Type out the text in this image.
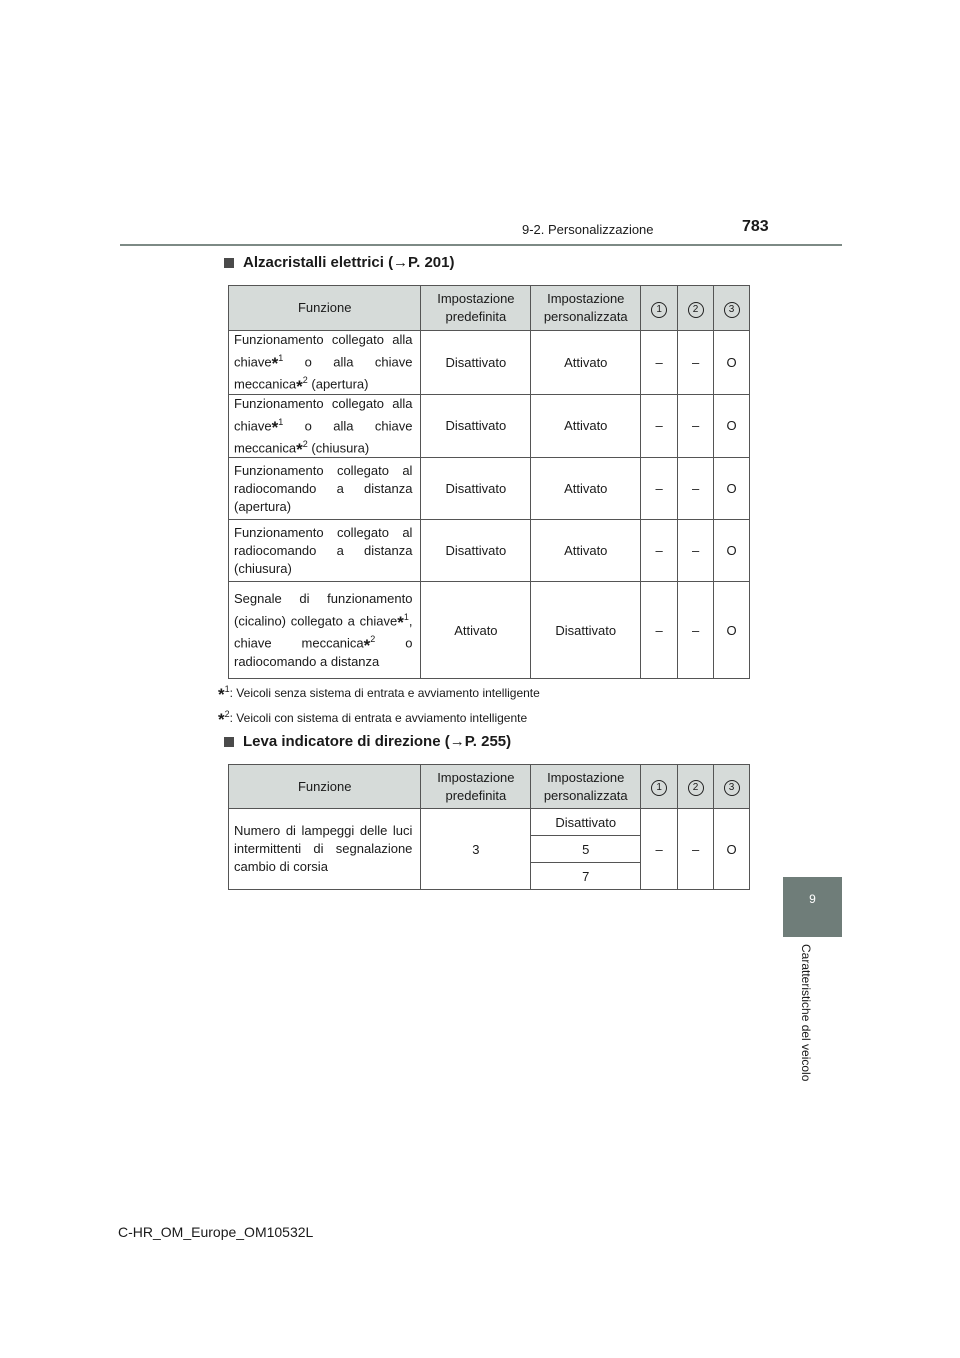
9-2. Personalizzazione	783
9
Caratteristiche del veicolo
Alzacristalli elettrici (→P. 201)
Funzione	Impostazione predefinita	Impostazione personalizzata	1	2	3
Funzionamento collegato alla chiave*$^1$ o alla chiave meccanica*$^2$ (apertura)	Disattivato	Attivato	–	–	O
Funzionamento collegato alla chiave*$^1$ o alla chiave meccanica*$^2$ (chiusura)	Disattivato	Attivato	–	–	O
Funzionamento collegato al radiocomando a distanza (apertura)	Disattivato	Attivato	–	–	O
Funzionamento collegato al radiocomando a distanza (chiusura)	Disattivato	Attivato	–	–	O
Segnale di funzionamento (cicalino) collegato a chiave*$^1$, chiave meccanica*$^2$ o radiocomando a distanza	Attivato	Disattivato	–	–	O
*$^1$: Veicoli senza sistema di entrata e avviamento intelligente
*$^2$: Veicoli con sistema di entrata e avviamento intelligente
Leva indicatore di direzione (→P. 255)
Funzione	Impostazione predefinita	Impostazione personalizzata	1	2	3
Numero di lampeggi delle luci intermittenti di segnalazione cambio di corsia	3	Disattivato	–	–	O
		5			
		7			
C-HR_OM_Europe_OM10532L
